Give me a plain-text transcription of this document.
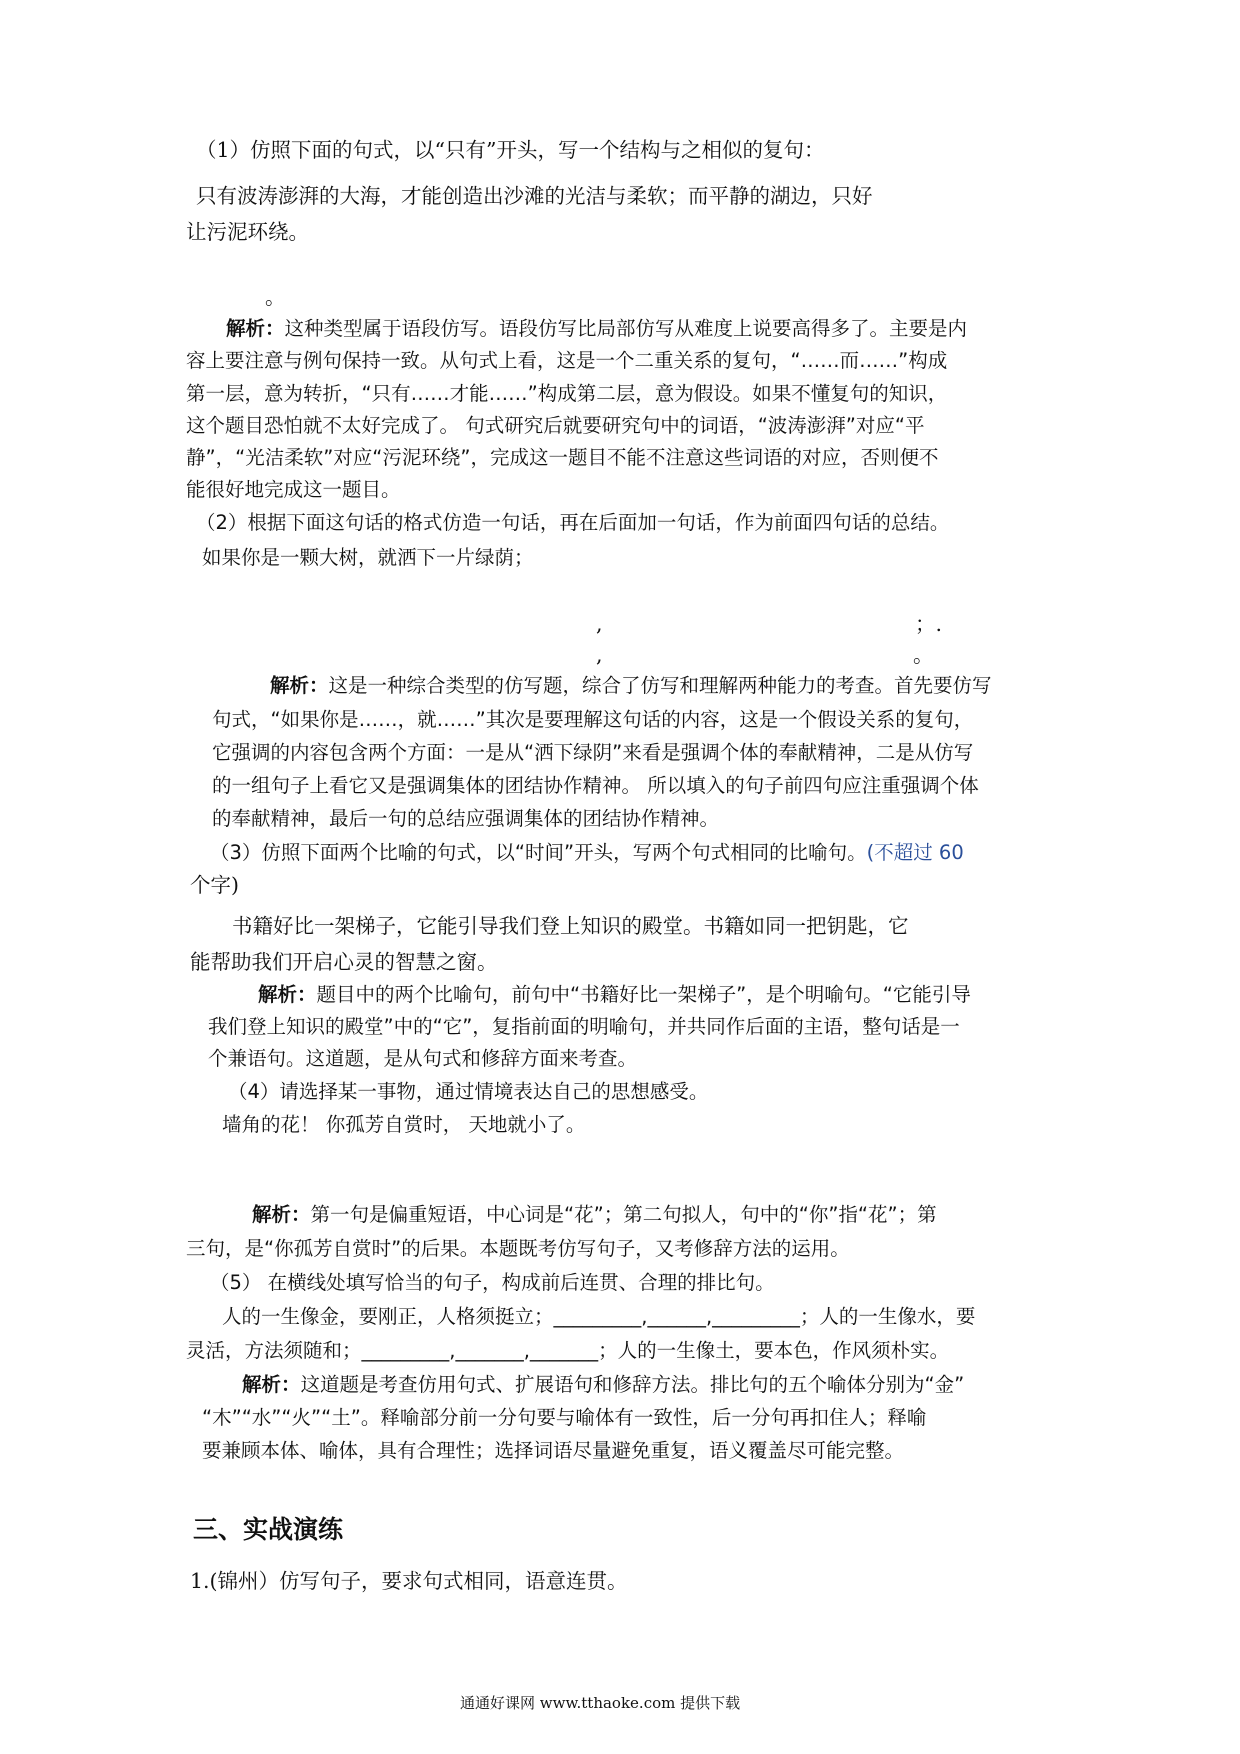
（1）仿照下面的句式，以“只有”开头，写一个结构与之相似的复句：
只有波涛澎湃的大海，才能创造出沙滩的光洁与柔软；而平静的湖边，只好
让污泥环绕。
。
解析：这种类型属于语段仿写。语段仿写比局部仿写从难度上说要高得多了。主要是内
容上要注意与例句保持一致。从句式上看，这是一个二重关系的复句，“……而……”构成
第一层，意为转折，“只有……才能……”构成第二层，意为假设。如果不懂复句的知识，
这个题目恐怕就不太好完成了。 句式研究后就要研究句中的词语，“波涛澎湃”对应“平
静”，“光洁柔软”对应“污泥环绕”，完成这一题目不能不注意这些词语的对应，否则便不
能很好地完成这一题目。
（2）根据下面这句话的格式仿造一句话，再在后面加一句话，作为前面四句话的总结。
如果你是一颗大树，就洒下一片绿荫；
,	；.
,	。
解析：这是一种综合类型的仿写题，综合了仿写和理解两种能力的考查。首先要仿写
句式，“如果你是……，就……”其次是要理解这句话的内容，这是一个假设关系的复句，
它强调的内容包含两个方面：一是从“洒下绿阴”来看是强调个体的奉献精神，二是从仿写
的一组句子上看它又是强调集体的团结协作精神。 所以填入的句子前四句应注重强调个体
的奉献精神，最后一句的总结应强调集体的团结协作精神。
（3）仿照下面两个比喻的句式，以“时间”开头，写两个句式相同的比喻句。(不超过 60
个字)
书籍好比一架梯子，它能引导我们登上知识的殿堂。书籍如同一把钥匙，它
能帮助我们开启心灵的智慧之窗。
解析：题目中的两个比喻句，前句中“书籍好比一架梯子”，是个明喻句。“它能引导
我们登上知识的殿堂”中的“它”，复指前面的明喻句，并共同作后面的主语，整句话是一
个兼语句。这道题，是从句式和修辞方面来考查。
（4）请选择某一事物，通过情境表达自己的思想感受。
墙角的花！ 你孤芳自赏时， 天地就小了。
解析：第一句是偏重短语，中心词是“花”；第二句拟人，句中的“你”指“花”；第
三句，是“你孤芳自赏时”的后果。本题既考仿写句子，又考修辞方法的运用。
（5） 在横线处填写恰当的句子，构成前后连贯、合理的排比句。
人的一生像金，要刚正，人格须挺立；_________,______,_________；人的一生像水，要
灵活，方法须随和；_________,_______,_______；人的一生像土，要本色，作风须朴实。
解析：这道题是考查仿用句式、扩展语句和修辞方法。排比句的五个喻体分别为“金”
“木”“水”“火”“土”。释喻部分前一分句要与喻体有一致性，后一分句再扣住人；释喻
要兼顾本体、喻体，具有合理性；选择词语尽量避免重复，语义覆盖尽可能完整。
三、实战演练
1.(锦州）仿写句子，要求句式相同，语意连贯。
通通好课网 www.tthaoke.com 提供下载
